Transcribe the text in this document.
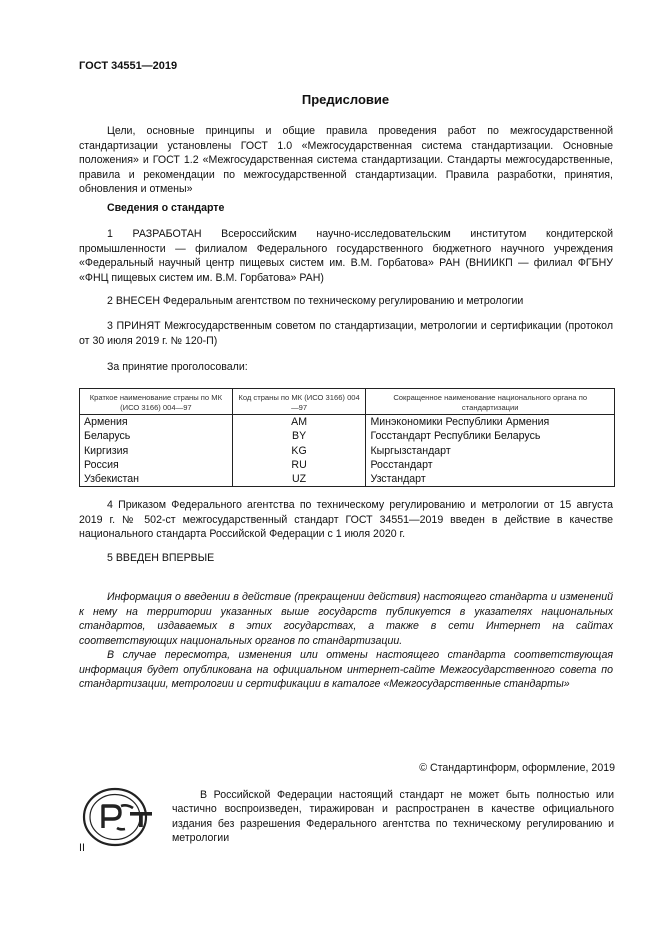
ГОСТ 34551—2019
Предисловие
Цели, основные принципы и общие правила проведения работ по межгосударственной стандартизации установлены ГОСТ 1.0 «Межгосударственная система стандартизации. Основные положения» и ГОСТ 1.2 «Межгосударственная система стандартизации. Стандарты межгосударственные, правила и рекомендации по межгосударственной стандартизации. Правила разработки, принятия, обновления и отмены»
Сведения о стандарте
1 РАЗРАБОТАН Всероссийским научно-исследовательским институтом кондитерской промышленности — филиалом Федерального государственного бюджетного научного учреждения «Федеральный научный центр пищевых систем им. В.М. Горбатова» РАН (ВНИИКП — филиал ФГБНУ «ФНЦ пищевых систем им. В.М. Горбатова» РАН)
2 ВНЕСЕН Федеральным агентством по техническому регулированию и метрологии
3 ПРИНЯТ Межгосударственным советом по стандартизации, метрологии и сертификации (протокол от 30 июля 2019 г. № 120-П)
За принятие проголосовали:
Краткое наименование страны по МК (ИСО 3166) 004—97	Код страны по МК (ИСО 3166) 004—97	Сокращенное наименование национального органа по стандартизации
Армения	AM	Минэкономики Республики Армения
Беларусь	BY	Госстандарт Республики Беларусь
Киргизия	KG	Кыргызстандарт
Россия	RU	Росстандарт
Узбекистан	UZ	Узстандарт
4 Приказом Федерального агентства по техническому регулированию и метрологии от 15 августа 2019 г. № 502-ст межгосударственный стандарт ГОСТ 34551—2019 введен в действие в качестве национального стандарта Российской Федерации с 1 июля 2020 г.
5 ВВЕДЕН ВПЕРВЫЕ
Информация о введении в действие (прекращении действия) настоящего стандарта и изменений к нему на территории указанных выше государств публикуется в указателях национальных стандартов, издаваемых в этих государствах, а также в сети Интернет на сайтах соответствующих национальных органов по стандартизации.
В случае пересмотра, изменения или отмены настоящего стандарта соответствующая информация будет опубликована на официальном интернет-сайте Межгосударственного совета по стандартизации, метрологии и сертификации в каталоге «Межгосударственные стандарты»
© Стандартинформ, оформление, 2019
В Российской Федерации настоящий стандарт не может быть полностью или частично воспроизведен, тиражирован и распространен в качестве официального издания без разрешения Федерального агентства по техническому регулированию и метрологии
II
